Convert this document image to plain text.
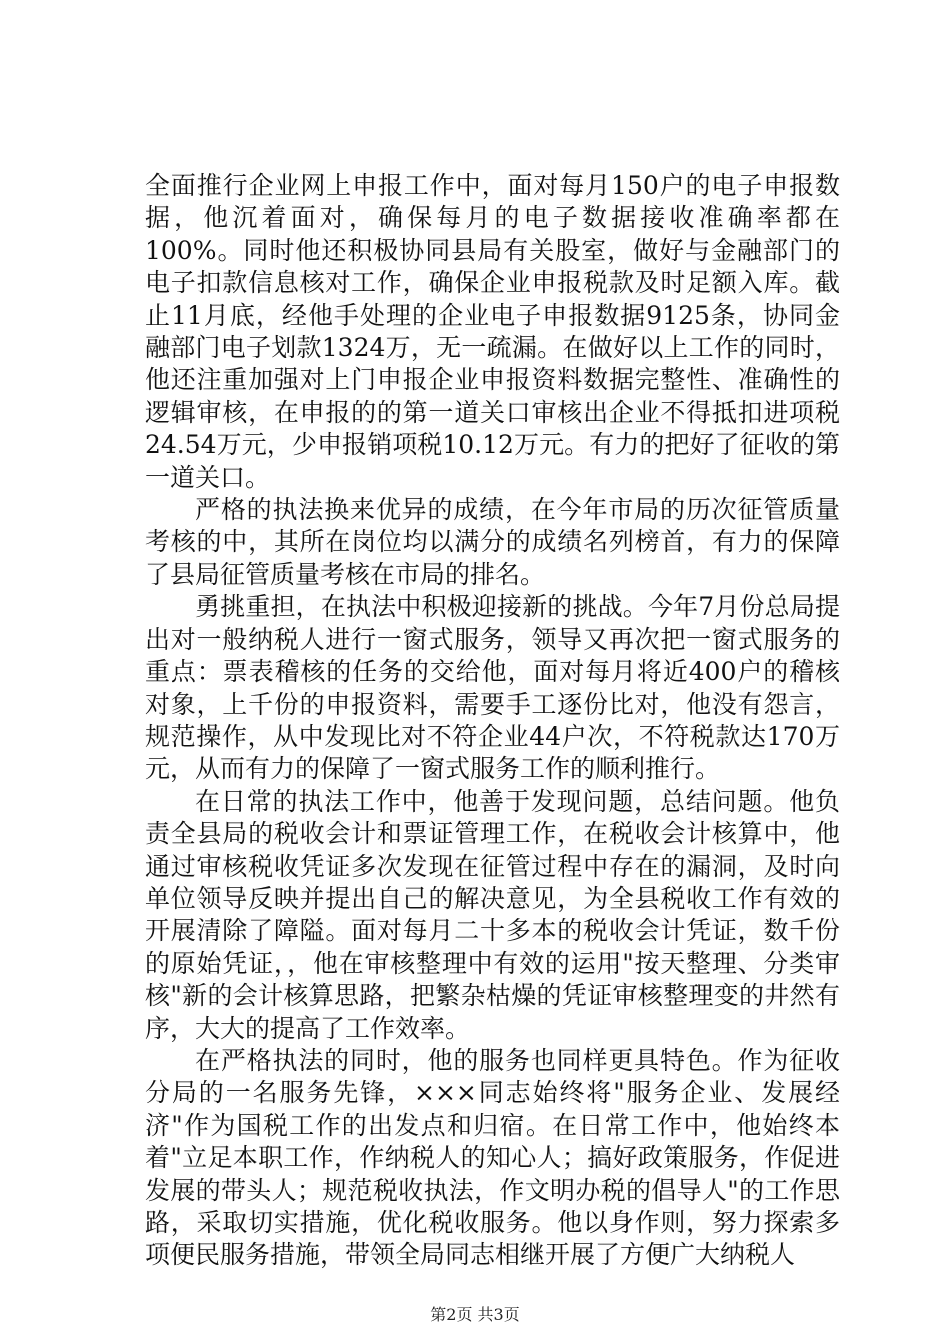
全面推行企业网上申报工作中，面对每月150户的电子申报数据，他沉着面对，确保每月的电子数据接收准确率都在100%。同时他还积极协同县局有关股室，做好与金融部门的电子扣款信息核对工作，确保企业申报税款及时足额入库。截止11月底，经他手处理的企业电子申报数据9125条，协同金融部门电子划款1324万，无一疏漏。在做好以上工作的同时，他还注重加强对上门申报企业申报资料数据完整性、准确性的逻辑审核，在申报的的第一道关口审核出企业不得抵扣进项税24.54万元，少申报销项税10.12万元。有力的把好了征收的第一道关口。

严格的执法换来优异的成绩，在今年市局的历次征管质量考核的中，其所在岗位均以满分的成绩名列榜首，有力的保障了县局征管质量考核在市局的排名。

勇挑重担，在执法中积极迎接新的挑战。今年7月份总局提出对一般纳税人进行一窗式服务，领导又再次把一窗式服务的重点：票表稽核的任务的交给他，面对每月将近400户的稽核对象，上千份的申报资料，需要手工逐份比对，他没有怨言，规范操作，从中发现比对不符企业44户次，不符税款达170万元，从而有力的保障了一窗式服务工作的顺利推行。

在日常的执法工作中，他善于发现问题，总结问题。他负责全县局的税收会计和票证管理工作，在税收会计核算中，他通过审核税收凭证多次发现在征管过程中存在的漏洞，及时向单位领导反映并提出自己的解决意见，为全县税收工作有效的开展清除了障隘。面对每月二十多本的税收会计凭证，数千份的原始凭证，，他在审核整理中有效的运用"按天整理、分类审核"新的会计核算思路，把繁杂枯燥的凭证审核整理变的井然有序，大大的提高了工作效率。

在严格执法的同时，他的服务也同样更具特色。作为征收分局的一名服务先锋，×××同志始终将"服务企业、发展经济"作为国税工作的出发点和归宿。在日常工作中，他始终本着"立足本职工作，作纳税人的知心人；搞好政策服务，作促进发展的带头人；规范税收执法，作文明办税的倡导人"的工作思路，采取切实措施，优化税收服务。他以身作则，努力探索多项便民服务措施，带领全局同志相继开展了方便广大纳税人

第2页 共3页
